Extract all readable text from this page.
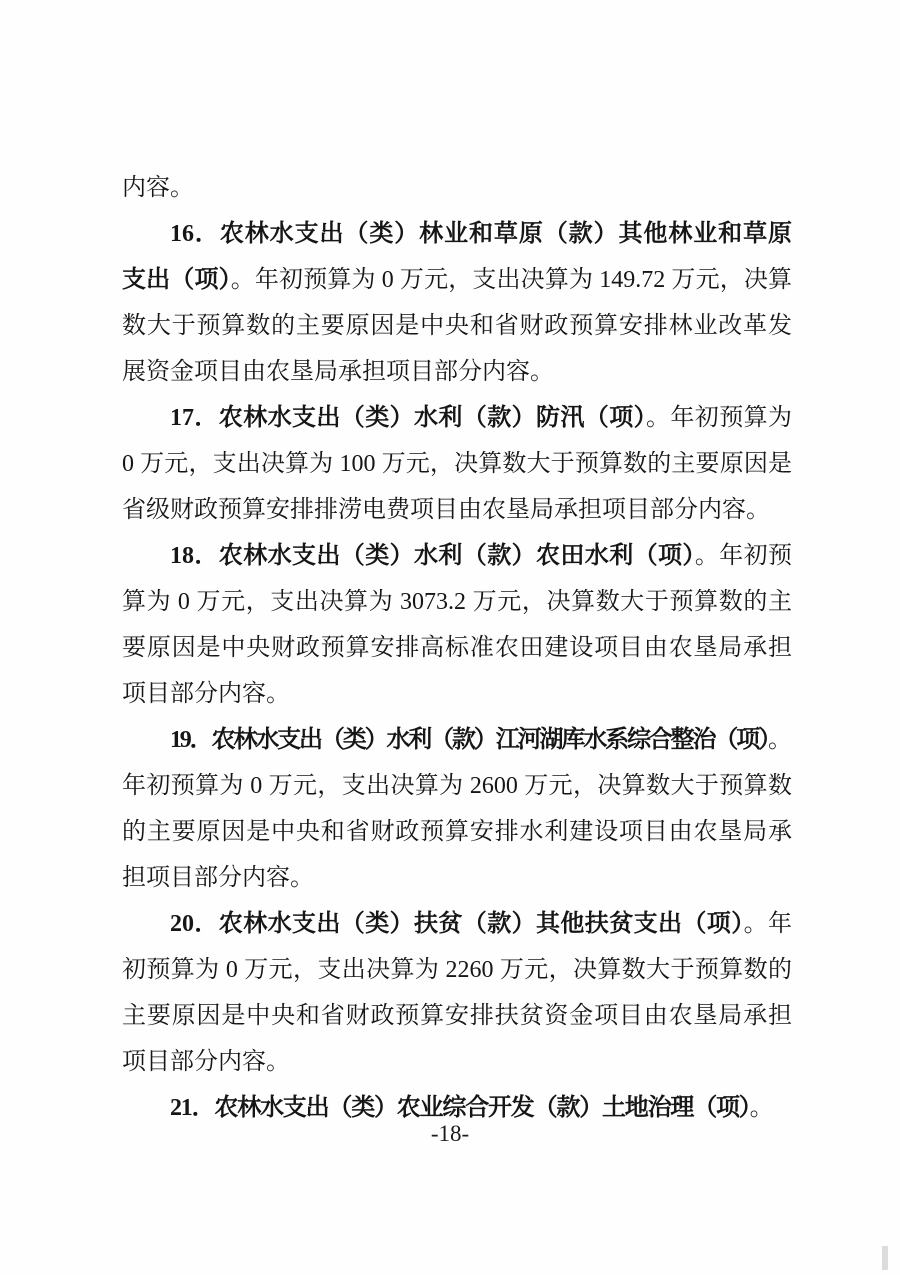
内容。

16．农林水支出（类）林业和草原（款）其他林业和草原支出（项）。年初预算为 0 万元，支出决算为 149.72 万元，决算数大于预算数的主要原因是中央和省财政预算安排林业改革发展资金项目由农垦局承担项目部分内容。

17．农林水支出（类）水利（款）防汛（项）。年初预算为 0 万元，支出决算为 100 万元，决算数大于预算数的主要原因是省级财政预算安排排涝电费项目由农垦局承担项目部分内容。

18．农林水支出（类）水利（款）农田水利（项）。年初预算为 0 万元，支出决算为 3073.2 万元，决算数大于预算数的主要原因是中央财政预算安排高标准农田建设项目由农垦局承担项目部分内容。

19．农林水支出（类）水利（款）江河湖库水系综合整治（项）。年初预算为 0 万元，支出决算为 2600 万元，决算数大于预算数的主要原因是中央和省财政预算安排水利建设项目由农垦局承担项目部分内容。

20．农林水支出（类）扶贫（款）其他扶贫支出（项）。年初预算为 0 万元，支出决算为 2260 万元，决算数大于预算数的主要原因是中央和省财政预算安排扶贫资金项目由农垦局承担项目部分内容。

21．农林水支出（类）农业综合开发（款）土地治理（项）。

-18-
